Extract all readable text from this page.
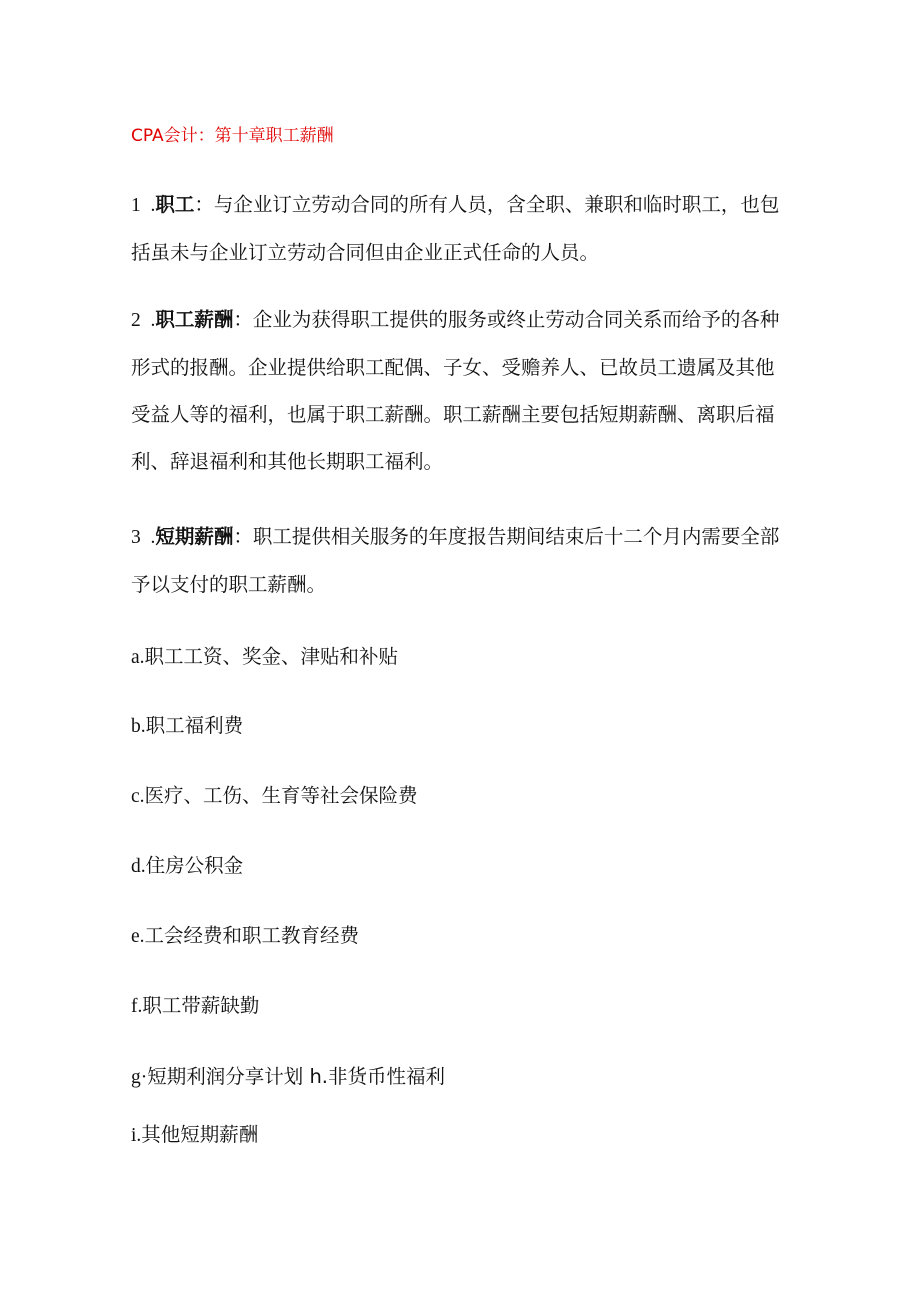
CPA会计：第十章职工薪酬
1  .职工：与企业订立劳动合同的所有人员，含全职、兼职和临时职工，也包括虽未与企业订立劳动合同但由企业正式任命的人员。
2  .职工薪酬：企业为获得职工提供的服务或终止劳动合同关系而给予的各种形式的报酬。企业提供给职工配偶、子女、受赡养人、已故员工遗属及其他受益人等的福利，也属于职工薪酬。职工薪酬主要包括短期薪酬、离职后福利、辞退福利和其他长期职工福利。
3  .短期薪酬：职工提供相关服务的年度报告期间结束后十二个月内需要全部予以支付的职工薪酬。
a.职工工资、奖金、津贴和补贴
b.职工福利费
c.医疗、工伤、生育等社会保险费
d.住房公积金
e.工会经费和职工教育经费
f.职工带薪缺勤
g·短期利润分享计划 h.非货币性福利
i.其他短期薪酬
